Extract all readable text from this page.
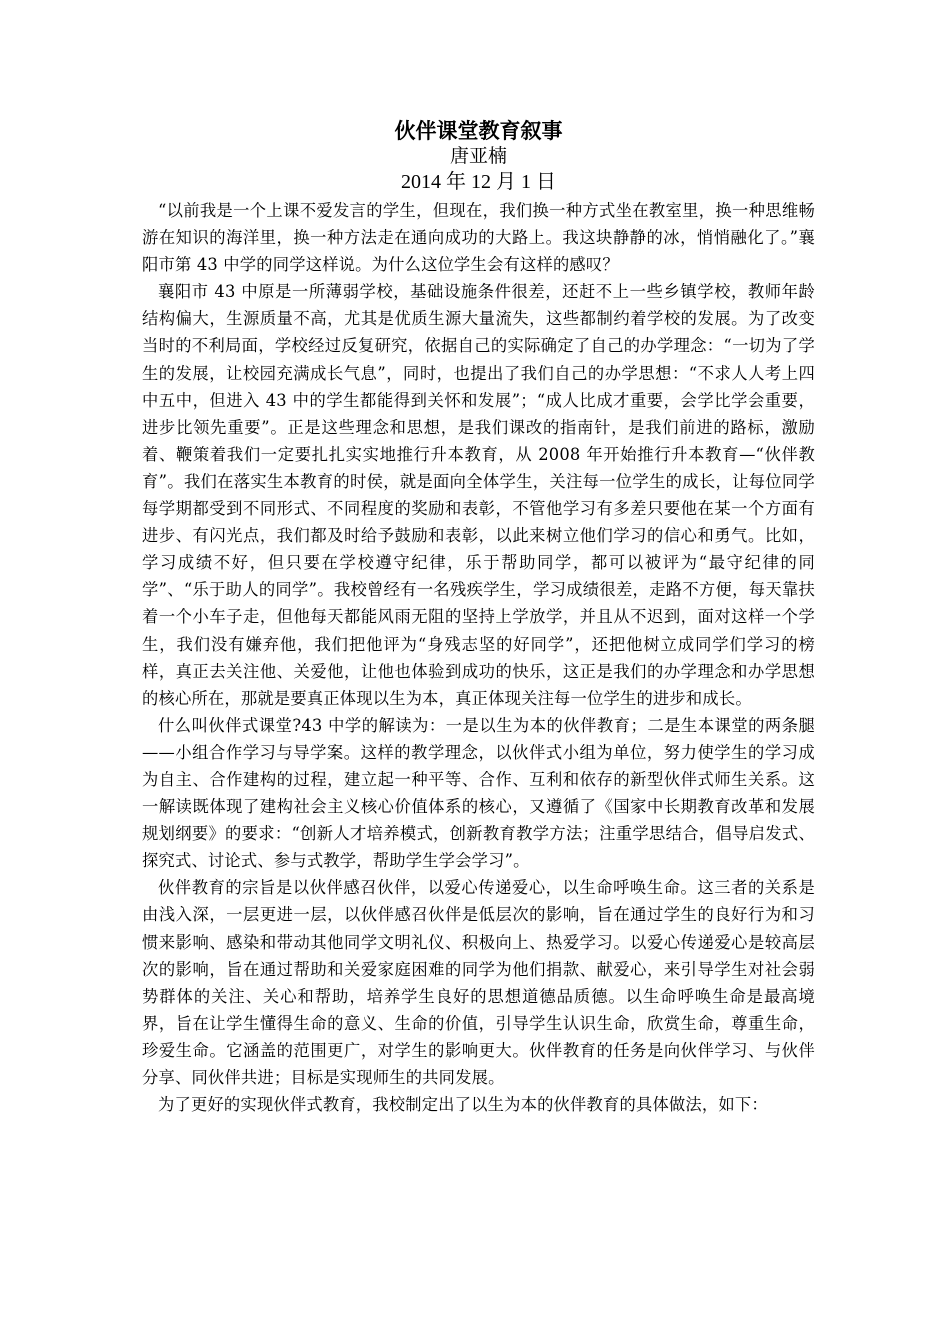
伙伴课堂教育叙事
唐亚楠
2014 年 12 月 1 日

“以前我是一个上课不爱发言的学生，但现在，我们换一种方式坐在教室里，换一种思维畅游在知识的海洋里，换一种方法走在通向成功的大路上。我这块静静的冰，悄悄融化了。”襄阳市第 43 中学的同学这样说。为什么这位学生会有这样的感叹？

襄阳市 43 中原是一所薄弱学校，基础设施条件很差，还赶不上一些乡镇学校，教师年龄结构偏大，生源质量不高，尤其是优质生源大量流失，这些都制约着学校的发展。为了改变当时的不利局面，学校经过反复研究，依据自己的实际确定了自己的办学理念：“一切为了学生的发展，让校园充满成长气息”，同时，也提出了我们自己的办学思想：“不求人人考上四中五中，但进入 43 中的学生都能得到关怀和发展”；“成人比成才重要，会学比学会重要，进步比领先重要”。正是这些理念和思想，是我们课改的指南针，是我们前进的路标，激励着、鞭策着我们一定要扎扎实实地推行升本教育，从 2008 年开始推行升本教育—“伙伴教育”。我们在落实生本教育的时侯，就是面向全体学生，关注每一位学生的成长，让每位同学每学期都受到不同形式、不同程度的奖励和表彰，不管他学习有多差只要他在某一个方面有进步、有闪光点，我们都及时给予鼓励和表彰，以此来树立他们学习的信心和勇气。比如，学习成绩不好，但只要在学校遵守纪律，乐于帮助同学，都可以被评为“最守纪律的同学”、“乐于助人的同学”。我校曾经有一名残疾学生，学习成绩很差，走路不方便，每天靠扶着一个小车子走，但他每天都能风雨无阻的坚持上学放学，并且从不迟到，面对这样一个学生，我们没有嫌弃他，我们把他评为“身残志坚的好同学”，还把他树立成同学们学习的榜样，真正去关注他、关爱他，让他也体验到成功的快乐，这正是我们的办学理念和办学思想的核心所在，那就是要真正体现以生为本，真正体现关注每一位学生的进步和成长。

什么叫伙伴式课堂?43 中学的解读为：一是以生为本的伙伴教育；二是生本课堂的两条腿——小组合作学习与导学案。这样的教学理念，以伙伴式小组为单位，努力使学生的学习成为自主、合作建构的过程，建立起一种平等、合作、互利和依存的新型伙伴式师生关系。这一解读既体现了建构社会主义核心价值体系的核心，又遵循了《国家中长期教育改革和发展规划纲要》的要求：“创新人才培养模式，创新教育教学方法；注重学思结合，倡导启发式、探究式、讨论式、参与式教学，帮助学生学会学习”。

伙伴教育的宗旨是以伙伴感召伙伴，以爱心传递爱心，以生命呼唤生命。这三者的关系是由浅入深，一层更进一层，以伙伴感召伙伴是低层次的影响，旨在通过学生的良好行为和习惯来影响、感染和带动其他同学文明礼仪、积极向上、热爱学习。以爱心传递爱心是较高层次的影响，旨在通过帮助和关爱家庭困难的同学为他们捐款、献爱心，来引导学生对社会弱势群体的关注、关心和帮助，培养学生良好的思想道德品质德。以生命呼唤生命是最高境界，旨在让学生懂得生命的意义、生命的价值，引导学生认识生命，欣赏生命，尊重生命，珍爱生命。它涵盖的范围更广，对学生的影响更大。伙伴教育的任务是向伙伴学习、与伙伴分享、同伙伴共进；目标是实现师生的共同发展。

为了更好的实现伙伴式教育，我校制定出了以生为本的伙伴教育的具体做法，如下：
